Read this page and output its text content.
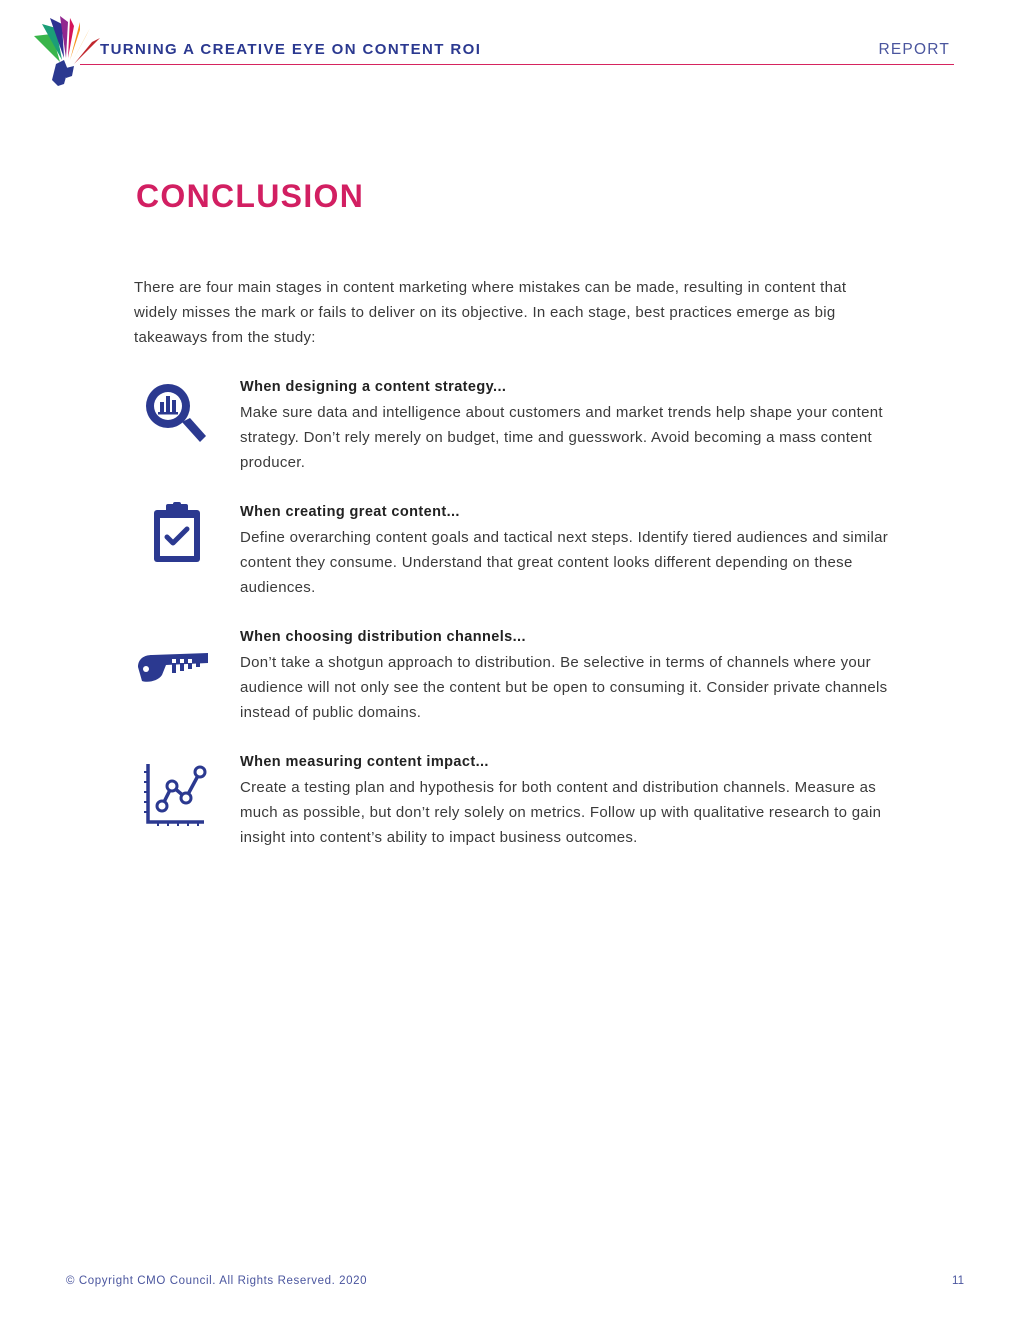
TURNING A CREATIVE EYE ON CONTENT ROI	REPORT
CONCLUSION

There are four main stages in content marketing where mistakes can be made, resulting in content that widely misses the mark or fails to deliver on its objective. In each stage, best practices emerge as big takeaways from the study:

When designing a content strategy...

Make sure data and intelligence about customers and market trends help shape your content strategy. Don’t rely merely on budget, time and guesswork. Avoid becoming a mass content producer.

When creating great content...

Define overarching content goals and tactical next steps. Identify tiered audiences and similar content they consume. Understand that great content looks different depending on these audiences.

When choosing distribution channels...

Don’t take a shotgun approach to distribution. Be selective in terms of channels where your audience will not only see the content but be open to consuming it. Consider private channels instead of public domains.

When measuring content impact...

Create a testing plan and hypothesis for both content and distribution channels. Measure as much as possible, but don’t rely solely on metrics. Follow up with qualitative research to gain insight into content’s ability to impact business outcomes.

© Copyright CMO Council. All Rights Reserved. 2020	11
